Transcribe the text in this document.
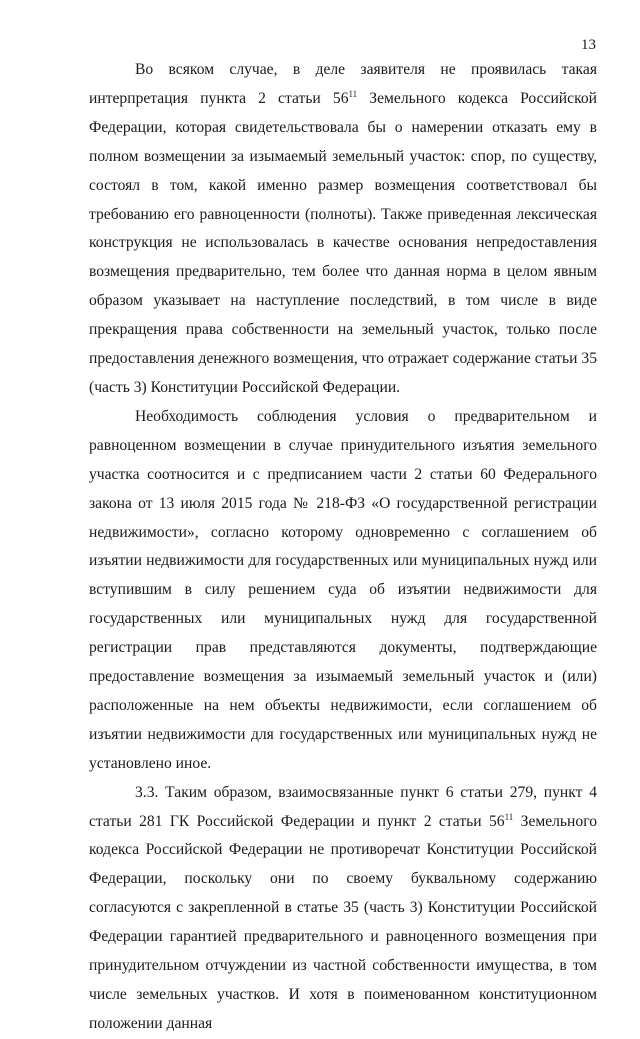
13

Во всяком случае, в деле заявителя не проявилась такая интерпретация пункта 2 статьи $56^{11}$ Земельного кодекса Российской Федерации, которая свидетельствовала бы о намерении отказать ему в полном возмещении за изымаемый земельный участок: спор, по существу, состоял в том, какой именно размер возмещения соответствовал бы требованию его равноценности (полноты). Также приведенная лексическая конструкция не использовалась в качестве основания непредоставления возмещения предварительно, тем более что данная норма в целом явным образом указывает на наступление последствий, в том числе в виде прекращения права собственности на земельный участок, только после предоставления денежного возмещения, что отражает содержание статьи 35 (часть 3) Конституции Российской Федерации.

Необходимость соблюдения условия о предварительном и равноценном возмещении в случае принудительного изъятия земельного участка соотносится и с предписанием части 2 статьи 60 Федерального закона от 13 июля 2015 года № 218-ФЗ «О государственной регистрации недвижимости», согласно которому одновременно с соглашением об изъятии недвижимости для государственных или муниципальных нужд или вступившим в силу решением суда об изъятии недвижимости для государственных или муниципальных нужд для государственной регистрации прав представляются документы, подтверждающие предоставление возмещения за изымаемый земельный участок и (или) расположенные на нем объекты недвижимости, если соглашением об изъятии недвижимости для государственных или муниципальных нужд не установлено иное.

3.3. Таким образом, взаимосвязанные пункт 6 статьи 279, пункт 4 статьи 281 ГК Российской Федерации и пункт 2 статьи $56^{11}$ Земельного кодекса Российской Федерации не противоречат Конституции Российской Федерации, поскольку они по своему буквальному содержанию согласуются с закрепленной в статье 35 (часть 3) Конституции Российской Федерации гарантией предварительного и равноценного возмещения при принудительном отчуждении из частной собственности имущества, в том числе земельных участков. И хотя в поименованном конституционном положении данная
